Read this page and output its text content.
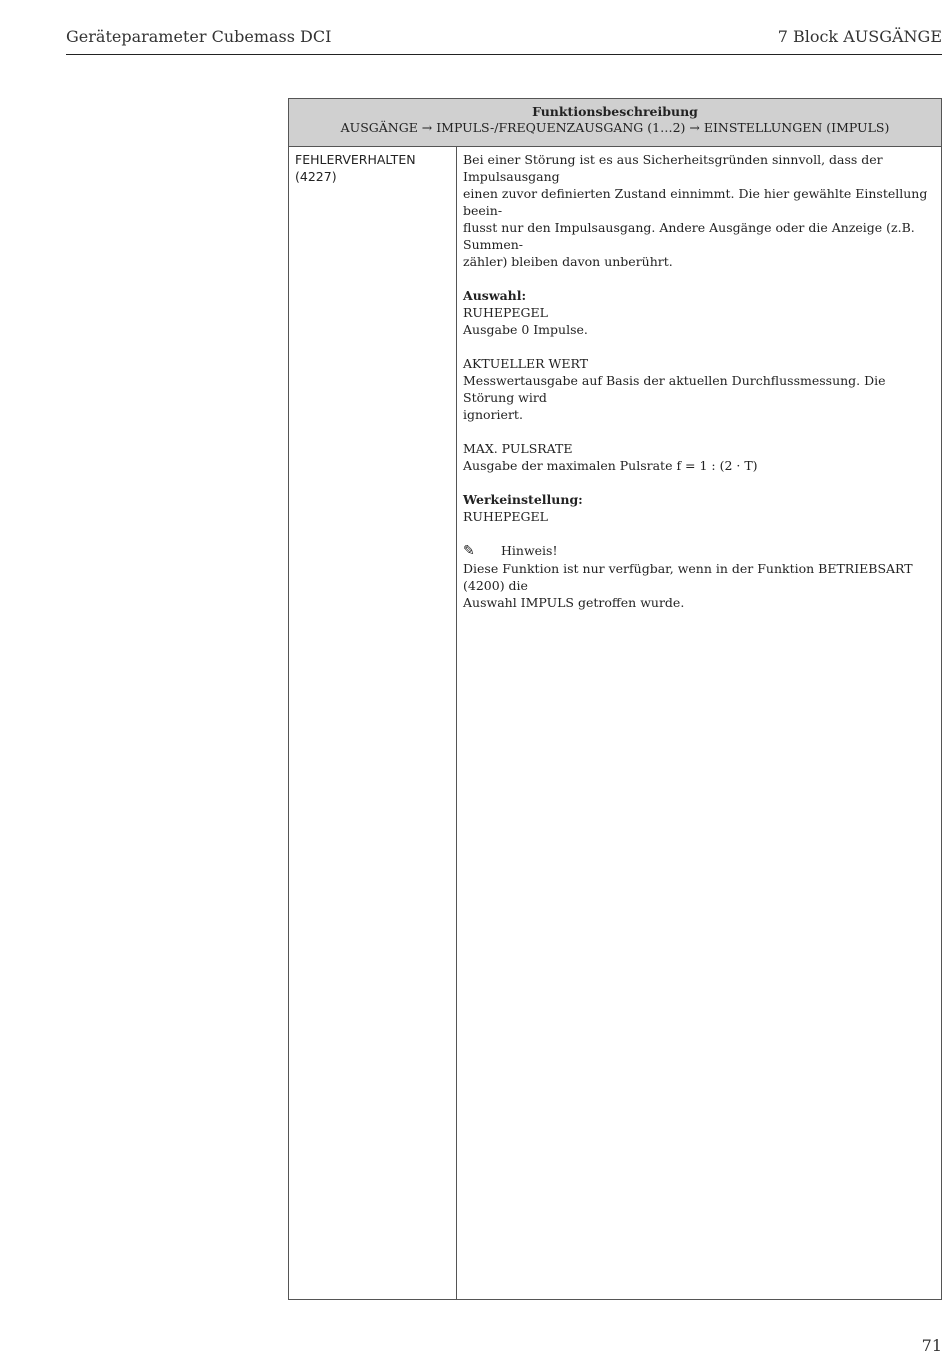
Geräteparameter Cubemass DCI	7 Block AUSGÄNGE
Funktionsbeschreibung
AUSGÄNGE → IMPULS-/FREQUENZAUSGANG (1…2) → EINSTELLUNGEN (IMPULS)
FEHLERVERHALTEN
(4227)

Bei einer Störung ist es aus Sicherheitsgründen sinnvoll, dass der Impulsausgang

einen zuvor definierten Zustand einnimmt. Die hier gewählte Einstellung beein-

flusst nur den Impulsausgang. Andere Ausgänge oder die Anzeige (z.B. Summen-

zähler) bleiben davon unberührt.

Auswahl:

RUHEPEGEL

Ausgabe 0 Impulse.

AKTUELLER WERT

Messwertausgabe auf Basis der aktuellen Durchflussmessung. Die Störung wird

ignoriert.

MAX. PULSRATE

Ausgabe der maximalen Pulsrate f = 1 : (2 · T)

Werkeinstellung:

RUHEPEGEL

✎ Hinweis!

Diese Funktion ist nur verfügbar, wenn in der Funktion BETRIEBSART (4200) die

Auswahl IMPULS getroffen wurde.

71
